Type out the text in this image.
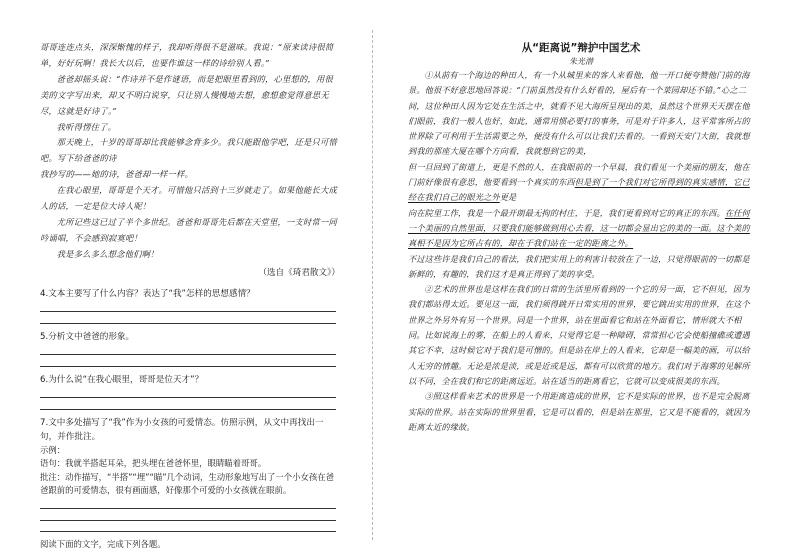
哥哥连连点头，深深惭愧的样子，我却听得很不是滋味。我说：“原来读诗很简单，好好玩啊！我长大以后，也要作谁这一样的诗给别人看。”

爸爸却摇头说：“作诗并不是作谜语，而是把眼里看到的，心里想的，用很美的文字写出来，却又不明白说穿，只让别人慢慢地去想，愈想愈觉得意思无尽，这就是好诗了。”

我听得愣住了。

那天晚上，十岁的哥哥却比我能够念背多少。我只能跟他学吧，还是只可惜吧。写下给爸爸的诗

我抄写的——她的诗，爸爸却一样一样。

在我心眼里，哥哥是个天才。可惜他只活到十三岁就走了。如果他能长大成人的话，一定是位大诗人呢！

尤所记些这已过了半个多世纪。爸爸和哥哥先后都在天堂里，一支时常一同吟诵唱，不会感到寂寞吧！

我是多么多么想念他们啊！

（选自《琦君散文》）
4.文本主要写了什么内容？表达了“我”怎样的思想感情？
5.分析文中爸爸的形象。
6.为什么说“在我心眼里，哥哥是位天才”？
7.文中多处描写了“我”作为小女孩的可爱情态。仿照示例，从文中再找出一句，并作批注。
示例：
语句：我就半搭起耳朵，把头埋在爸爸怀里，眼睛瞄着哥哥。
批注：动作描写，“半搭”“埋”“瞄”几个动词，生动形象地写出了一个小女孩在爸爸跟前的可爱情态，很有画面感，好像那个可爱的小女孩就在眼前。
阅读下面的文字，完成下列各题。
从“距离说”辩护中国艺术
朱光潜

①从前有一个海边的种田人，有一个从城里来的客人来看他，他一开口便夸赞他门前的海景。他很不好意思地回答说：“门前虽然没有什么好看的，屋后有一个菜园却还不错。”心之二间，这位种田人因为它处在生活之中，就看不见大海所呈现出的美，虽然这个世界天天摆在他们眼前，我们一般人也好，如此，通常用惯必要打的事务，可是对于许多人，这平常客所占的世界除了可利用于生活需要之外，便没有什么可以让我们去看的。一看到天安门大街，我就想到我的那座大厦在哪个方向看，我就想到它的美，

但一旦回到了街道上，更是不然的人，在我眼前的一个早晨，我们看见一个美丽的朋友，他在门前好像很有意思，他要看到一个真实的东西但是到了一个我们对它所得到的真实感情，它已经在我们自己的眼光之外更是

向在院里工作，我是一个最开朗最无拘的村庄，于是，我们更看到对它的真正的东西。在任何一个美丽的自然里面，只要我们能够做到用心去看，这一切都会显出它的美的一面。这个美的真相不是因为它所占有的，却在于我们站在一定的距离之外。

不过这些许是我们自己的看法，我们把实用上的利害计较放在了一边，只觉得眼前的一切都是新鲜的，有趣的，我们这才是真正得到了美的享受。

②艺术的世界也是这样在我们的日常的生活里所看到的一个它的另一面，它不但见，因为我们都站得太近。要见这一面，我们须得跳开日常实用的世界，要它跳出实用的世界，在这个世界之外另外有另一个世界。同是一个世界，站在里面看它和站在外面看它，情形就大不相同。比如说海上的雾，在船上的人看来，只觉得它是一种障碍，常常担心它会使船撞礁或遭遇其它不幸，这时候它对于我们是可憎的。但是站在岸上的人看来，它却是一幅美的画，可以给人无穷的情趣。无论是浓是淡，或是近或是远，都有可以欣赏的地方。我们对于海雾的见解所以不同，全在我们和它的距离远近。站在适当的距离看它，它就可以变成很美的东西。

③照这样看来艺术的世界是一个用距离造成的世界，它不是实际的世界，也不是完全脱离实际的世界。站在实际的世界里看，它是可以看的，但是站在那里，它又是不能看的，就因为距离太近的缘故。
